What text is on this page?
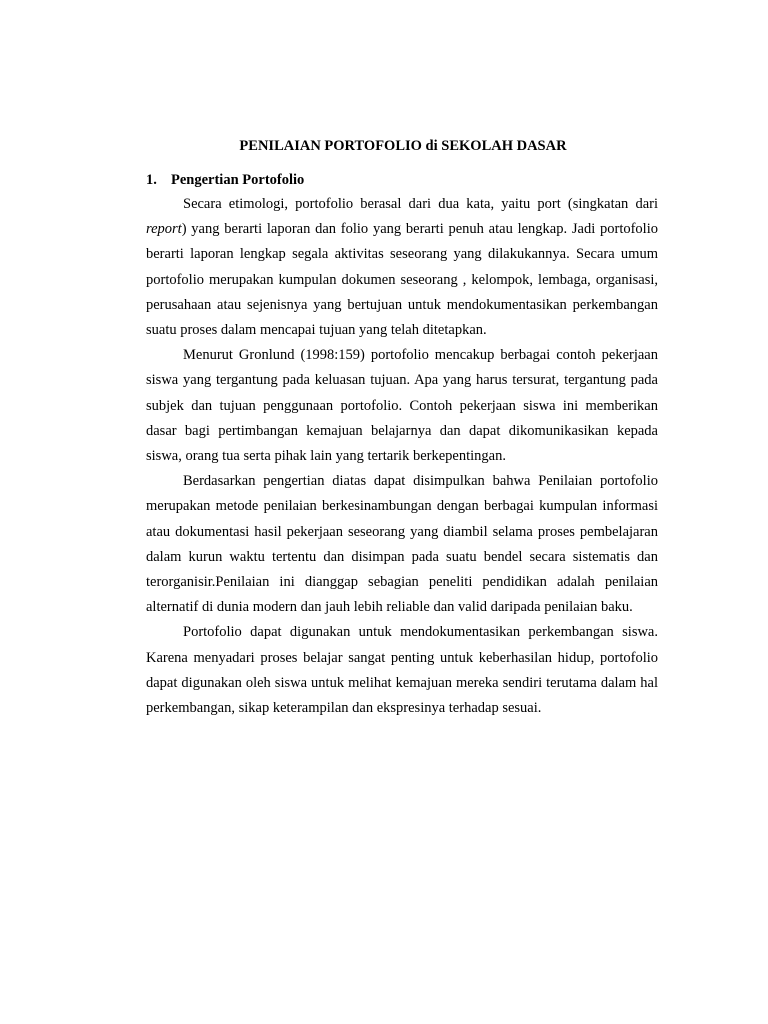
PENILAIAN PORTOFOLIO di SEKOLAH DASAR
1. Pengertian Portofolio

Secara etimologi, portofolio berasal dari dua kata, yaitu port (singkatan dari report) yang berarti laporan dan folio yang berarti penuh atau lengkap. Jadi portofolio berarti laporan lengkap segala aktivitas seseorang yang dilakukannya. Secara umum portofolio merupakan kumpulan dokumen seseorang , kelompok, lembaga, organisasi, perusahaan atau sejenisnya yang bertujuan untuk mendokumentasikan perkembangan suatu proses dalam mencapai tujuan yang telah ditetapkan.

Menurut Gronlund (1998:159) portofolio mencakup berbagai contoh pekerjaan siswa yang tergantung pada keluasan tujuan. Apa yang harus tersurat, tergantung pada subjek dan tujuan penggunaan portofolio. Contoh pekerjaan siswa ini memberikan dasar bagi pertimbangan kemajuan belajarnya dan dapat dikomunikasikan kepada siswa, orang tua serta pihak lain yang tertarik berkepentingan.

Berdasarkan pengertian diatas dapat disimpulkan bahwa Penilaian portofolio merupakan metode penilaian berkesinambungan dengan berbagai kumpulan informasi atau dokumentasi hasil pekerjaan seseorang yang diambil selama proses pembelajaran dalam kurun waktu tertentu dan disimpan pada suatu bendel secara sistematis dan terorganisir.Penilaian ini dianggap sebagian peneliti pendidikan adalah penilaian alternatif di dunia modern dan jauh lebih reliable dan valid daripada penilaian baku.

Portofolio dapat digunakan untuk mendokumentasikan perkembangan siswa. Karena menyadari proses belajar sangat penting untuk keberhasilan hidup, portofolio dapat digunakan oleh siswa untuk melihat kemajuan mereka sendiri terutama dalam hal perkembangan, sikap keterampilan dan ekspresinya terhadap sesuai.
